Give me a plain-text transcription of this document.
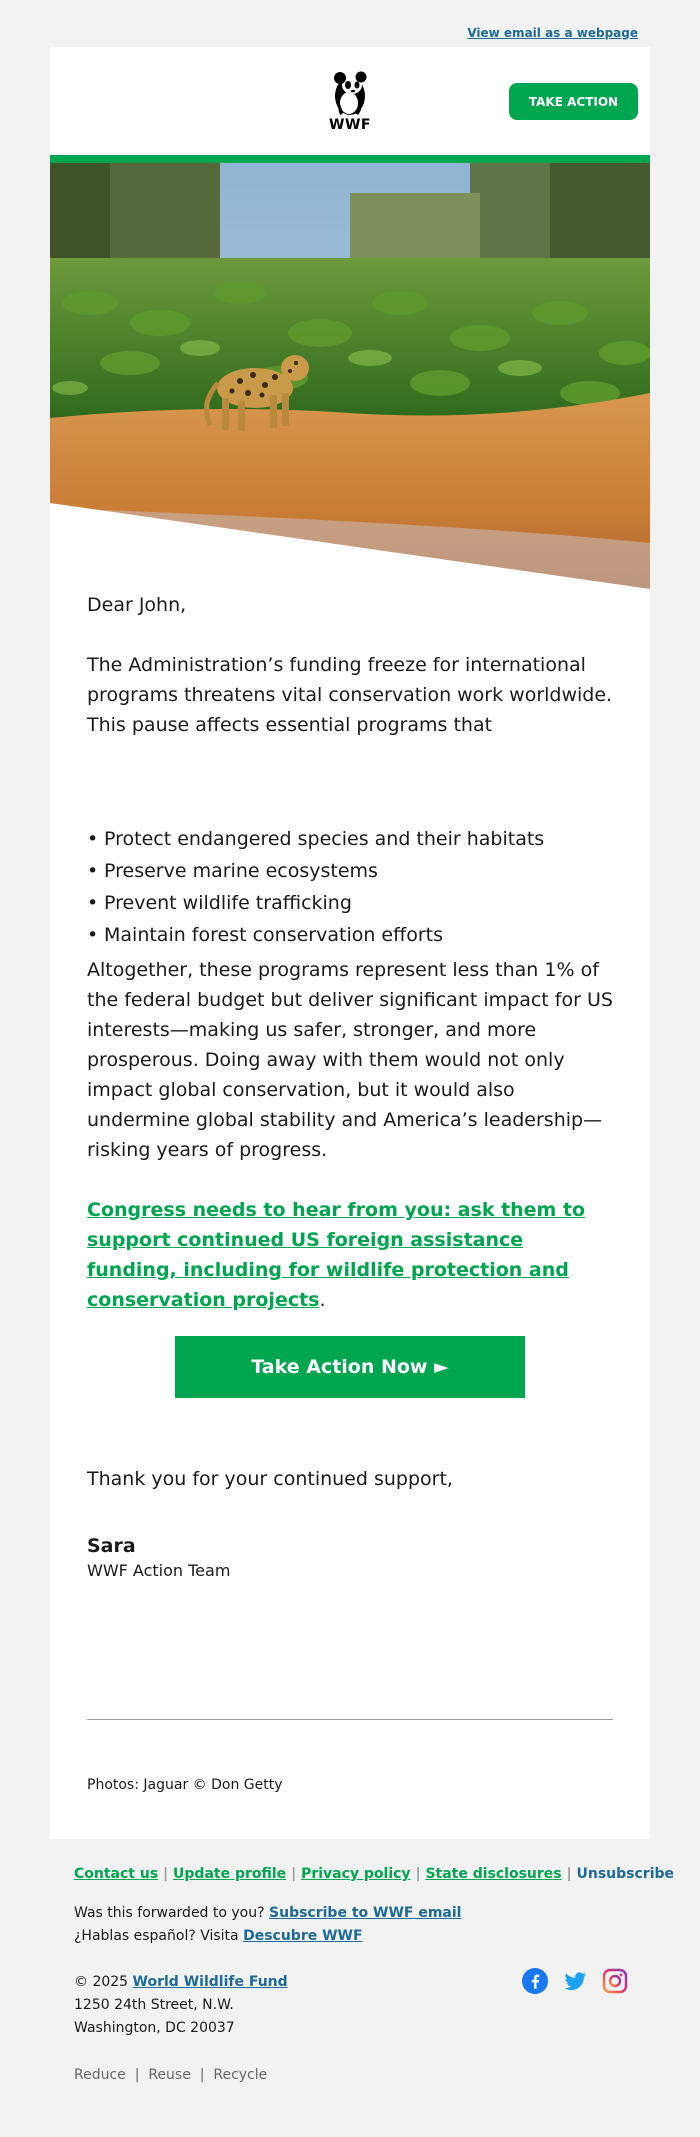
View email as a webpage
WWF
TAKE ACTION
Dear John,
The Administration’s funding freeze for international programs threatens vital conservation work worldwide. This pause affects essential programs that
• Protect endangered species and their habitats
• Preserve marine ecosystems
• Prevent wildlife trafficking
• Maintain forest conservation efforts
Altogether, these programs represent less than 1% of the federal budget but deliver significant impact for US interests—making us safer, stronger, and more prosperous. Doing away with them would not only impact global conservation, but it would also undermine global stability and America’s leadership—risking years of progress.
Congress needs to hear from you: ask them to support continued US foreign assistance funding, including for wildlife protection and conservation projects.
Take Action Now ►
Thank you for your continued support,
Sara
WWF Action Team
Photos: Jaguar © Don Getty
Contact us | Update profile | Privacy policy | State disclosures | Unsubscribe
Was this forwarded to you? Subscribe to WWF email
¿Hablas español? Visita Descubre WWF
© 2025 World Wildlife Fund
1250 24th Street, N.W.
Washington, DC 20037
Reduce | Reuse | Recycle
